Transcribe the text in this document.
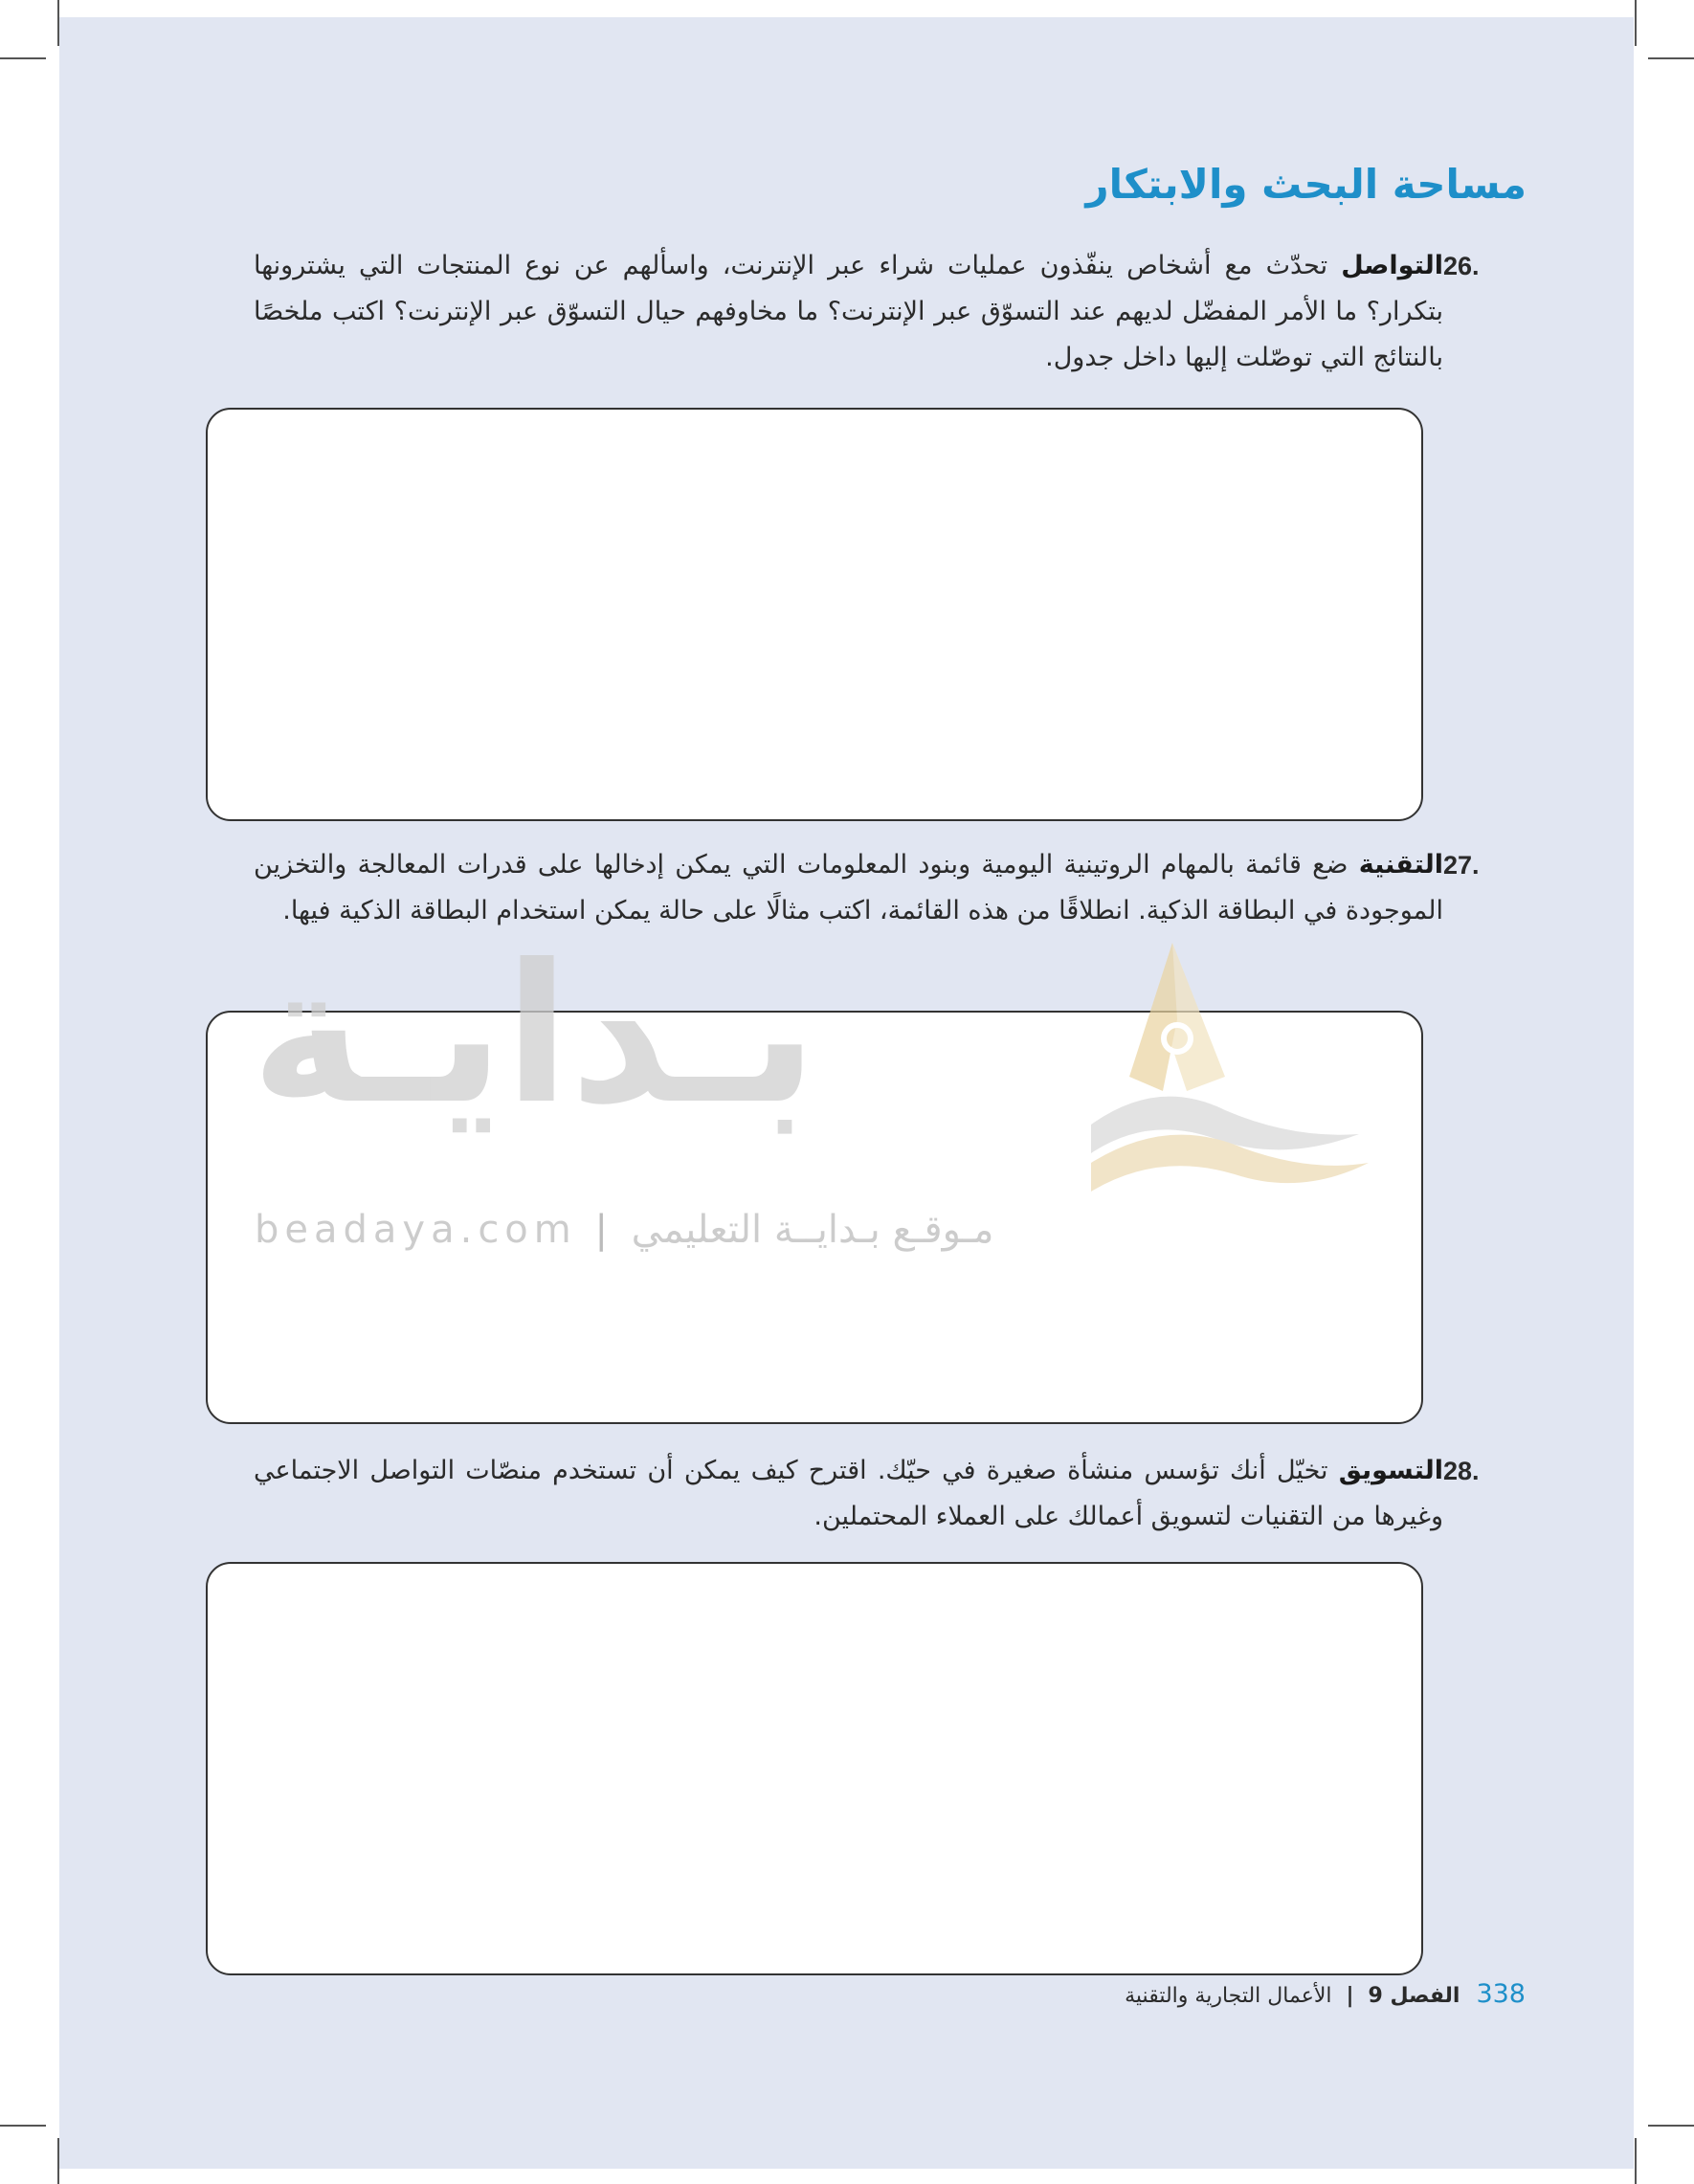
مساحة البحث والابتكار
26.
التواصل تحدّث مع أشخاص ينفّذون عمليات شراء عبر الإنترنت، واسألهم عن نوع المنتجات التي يشترونها بتكرار؟ ما الأمر المفضّل لديهم عند التسوّق عبر الإنترنت؟ ما مخاوفهم حيال التسوّق عبر الإنترنت؟ اكتب ملخصًا بالنتائج التي توصّلت إليها داخل جدول.
27.
التقنية ضع قائمة بالمهام الروتينية اليومية وبنود المعلومات التي يمكن إدخالها على قدرات المعالجة والتخزين الموجودة في البطاقة الذكية. انطلاقًا من هذه القائمة، اكتب مثالًا على حالة يمكن استخدام البطاقة الذكية فيها.
بـدايـة
beadaya.com | مـوقـع بـدايــة التعليمي
28.
التسويق تخيّل أنك تؤسس منشأة صغيرة في حيّك. اقترح كيف يمكن أن تستخدم منصّات التواصل الاجتماعي وغيرها من التقنيات لتسويق أعمالك على العملاء المحتملين.
338 الفصل 9 | الأعمال التجارية والتقنية
